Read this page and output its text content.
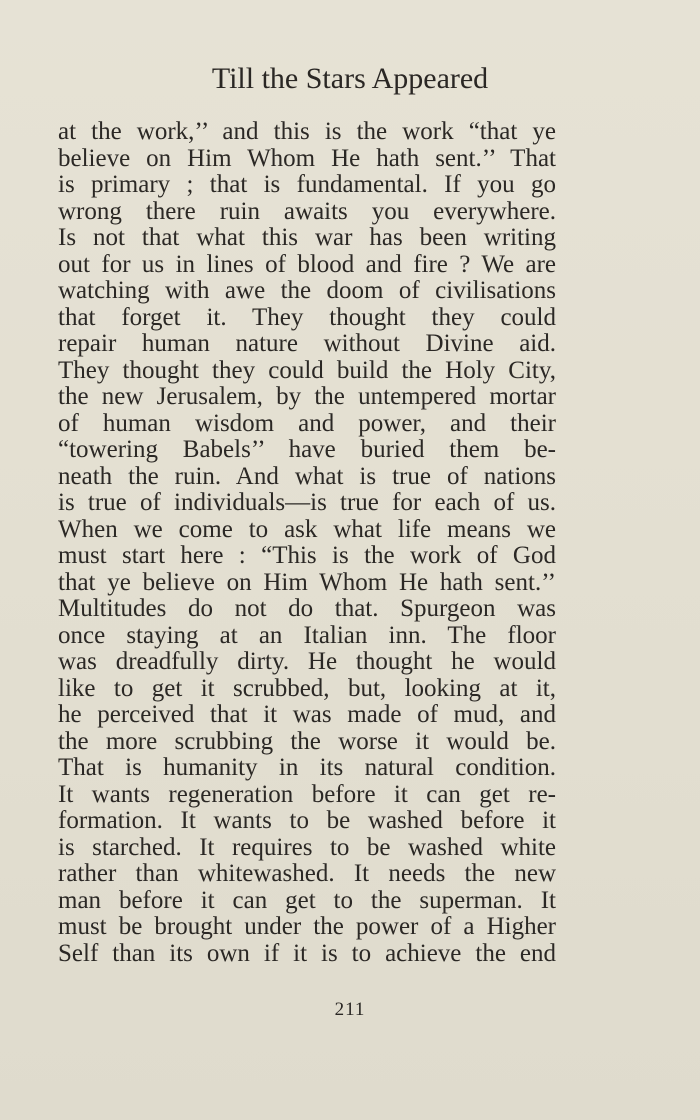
Till the Stars Appeared
at the work,’’ and this is the work “that ye
believe on Him Whom He hath sent.’’ That
is primary ; that is fundamental. If you go
wrong there ruin awaits you everywhere.
Is not that what this war has been writing
out for us in lines of blood and fire ? We are
watching with awe the doom of civilisations
that forget it. They thought they could
repair human nature without Divine aid.
They thought they could build the Holy City,
the new Jerusalem, by the untempered mortar
of human wisdom and power, and their
“towering Babels’’ have buried them be-
neath the ruin. And what is true of nations
is true of individuals—is true for each of us.
When we come to ask what life means we
must start here : “This is the work of God
that ye believe on Him Whom He hath sent.’’
Multitudes do not do that. Spurgeon was
once staying at an Italian inn. The floor
was dreadfully dirty. He thought he would
like to get it scrubbed, but, looking at it,
he perceived that it was made of mud, and
the more scrubbing the worse it would be.
That is humanity in its natural condition.
It wants regeneration before it can get re-
formation. It wants to be washed before it
is starched. It requires to be washed white
rather than whitewashed. It needs the new
man before it can get to the superman. It
must be brought under the power of a Higher
Self than its own if it is to achieve the end
211
